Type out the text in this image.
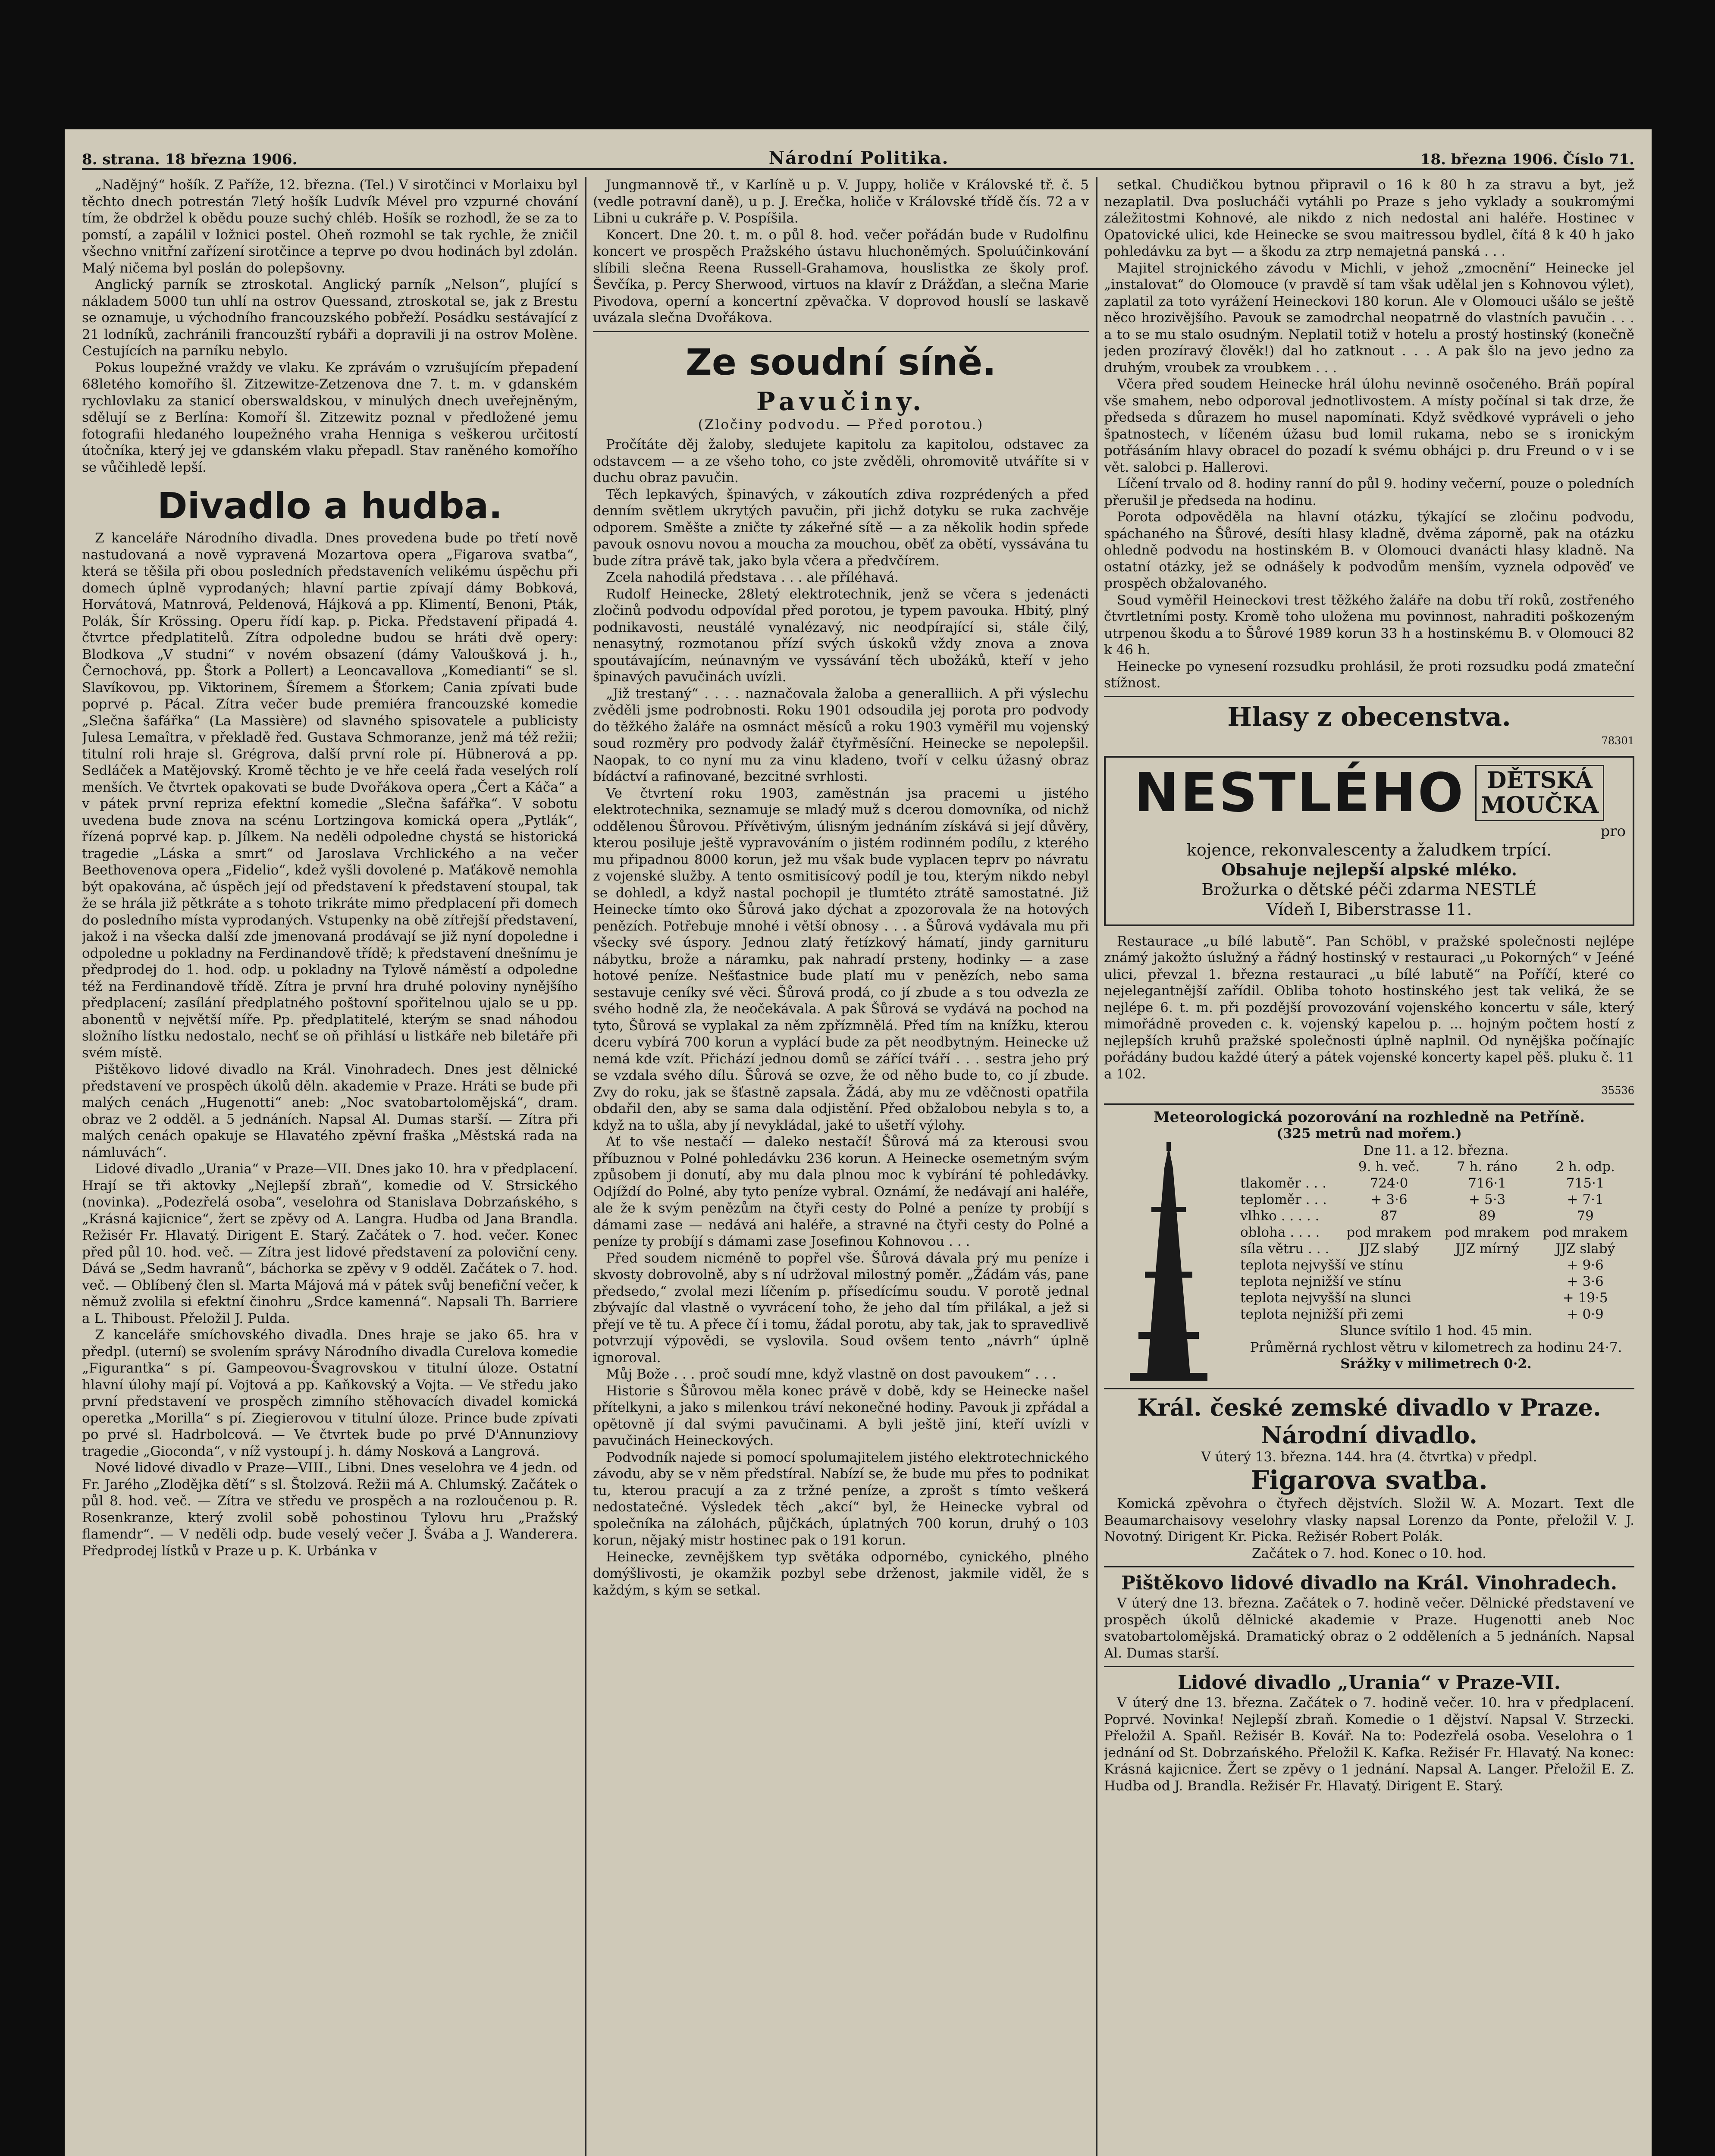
8. strana. 18 března 1906.	Národní Politika.	18. března 1906. Číslo 71.

„Nadějný“ hošík. Z Paříže, 12. března. (Tel.) V sirotčinci v Morlaixu byl těchto dnech potrestán 7letý hošík Ludvík Mével pro vzpurné chování tím, že obdržel k obědu pouze suchý chléb. Hošík se rozhodl, že se za to pomstí, a zapálil v ložnici postel. Oheň rozmohl se tak rychle, že zničil všechno vnitřní zařízení sirotčince a teprve po dvou hodinách byl zdolán. Malý ničema byl poslán do polepšovny.

Anglický parník se ztroskotal. Anglický parník „Nelson“, plující s nákladem 5000 tun uhlí na ostrov Quessand, ztroskotal se, jak z Brestu se oznamuje, u východního francouzského pobřeží. Posádku sestávající z 21 lodníků, zachránili francouzští rybáři a dopravili ji na ostrov Molène. Cestujících na parníku nebylo.

Pokus loupežné vraždy ve vlaku. Ke zprávám o vzrušujícím přepadení 68letého komořího šl. Zitzewitze-Zetzenova dne 7. t. m. v gdanském rychlovlaku za stanicí oberswaldskou, v minulých dnech uveřejněným, sdělují se z Berlína: Komoří šl. Zitzewitz poznal v předložené jemu fotografii hledaného loupežného vraha Henniga s veškerou určitostí útočníka, který jej ve gdanském vlaku přepadl. Stav raněného komořího se vůčihledě lepší.

Divadlo a hudba.

Z kanceláře Národního divadla. Dnes provedena bude po třetí nově nastudovaná a nově vypravená Mozartova opera „Figarova svatba“, která se těšila při obou posledních představeních velikému úspěchu při domech úplně vyprodaných; hlavní partie zpívají dámy Bobková, Horvátová, Matnrová, Peldenová, Hájková a pp. Klimentí, Benoni, Pták, Polák, Šír Krössing. Operu řídí kap. p. Picka. Představení připadá 4. čtvrtce předplatitelů. Zítra odpoledne budou se hráti dvě opery: Blodkova „V studni“ v novém obsazení (dámy Valoušková j. h., Černochová, pp. Štork a Pollert) a Leoncavallova „Komedianti“ se sl. Slavíkovou, pp. Viktorinem, Šíremem a Šťorkem; Cania zpívati bude poprvé p. Pácal. Zítra večer bude premiéra francouzské komedie „Slečna šafářka“ (La Massière) od slavného spisovatele a publicisty Julesa Lemaîtra, v překladě řed. Gustava Schmoranze, jenž má též režii; titulní roli hraje sl. Grégrova, další první role pí. Hübnerová a pp. Sedláček a Matějovský. Kromě těchto je ve hře ceelá řada veselých rolí menších. Ve čtvrtek opakovati se bude Dvořákova opera „Čert a Káča“ a v pátek první repriza efektní komedie „Slečna šafářka“. V sobotu uvedena bude znova na scénu Lortzingova komická opera „Pytlák“, řízená poprvé kap. p. Jílkem. Na neděli odpoledne chystá se historická tragedie „Láska a smrt“ od Jaroslava Vrchlického a na večer Beethovenova opera „Fidelio“, kdež vyšli dovolené p. Maťákově nemohla být opakována, ač úspěch její od představení k představení stoupal, tak že se hrála již pětkráte a s tohoto trikráte mimo předplacení při domech do posledního místa vyprodaných. Vstupenky na obě zítřejší představení, jakož i na všecka další zde jmenovaná prodávají se již nyní dopoledne i odpoledne u pokladny na Ferdinandově třídě; k představení dnešnímu je předprodej do 1. hod. odp. u pokladny na Tylově náměstí a odpoledne též na Ferdinandově třídě. Zítra je první hra druhé poloviny nynějšího předplacení; zasílání předplatného poštovní spořitelnou ujalo se u pp. abonentů v největší míře. Pp. předplatitelé, kterým se snad náhodou složního lístku nedostalo, nechť se oň přihlásí u listkáře neb biletáře při svém místě.

Pištěkovo lidové divadlo na Král. Vinohradech. Dnes jest dělnické představení ve prospěch úkolů děln. akademie v Praze. Hráti se bude při malých cenách „Hugenotti“ aneb: „Noc svatobartolomějská“, dram. obraz ve 2 odděl. a 5 jednáních. Napsal Al. Dumas starší. — Zítra při malých cenách opakuje se Hlavatého zpěvní fraška „Městská rada na námluvách“.

Lidové divadlo „Urania“ v Praze—VII. Dnes jako 10. hra v předplacení. Hrají se tři aktovky „Nejlepší zbraň“, komedie od V. Strsického (novinka). „Podezřelá osoba“, veselohra od Stanislava Dobrzańského, s „Krásná kajicnice“, žert se zpěvy od A. Langra. Hudba od Jana Brandla. Režisér Fr. Hlavatý. Dirigent E. Starý. Začátek o 7. hod. večer. Konec před půl 10. hod. več. — Zítra jest lidové představení za poloviční ceny. Dává se „Sedm havranů“, báchorka se zpěvy v 9 odděl. Začátek o 7. hod. več. — Oblíbený člen sl. Marta Májová má v pátek svůj benefiční večer, k němuž zvolila si efektní činohru „Srdce kamenná“. Napsali Th. Barriere a L. Thiboust. Přeložil J. Pulda.

Z kanceláře smíchovského divadla. Dnes hraje se jako 65. hra v předpl. (uterní) se svolením správy Národního divadla Curelova komedie „Figurantka“ s pí. Gampeovou-Švagrovskou v titulní úloze. Ostatní hlavní úlohy mají pí. Vojtová a pp. Kaňkovský a Vojta. — Ve středu jako první představení ve prospěch zimního stěhovacích divadel komická operetka „Morilla“ s pí. Ziegierovou v titulní úloze. Prince bude zpívati po prvé sl. Hadrbolcová. — Ve čtvrtek bude po prvé D'Annunziovy tragedie „Gioconda“, v níž vystoupí j. h. dámy Nosková a Langrová.

Nové lidové divadlo v Praze—VIII., Libni. Dnes veselohra ve 4 jedn. od Fr. Jarého „Zlodějka dětí“ s sl. Štolzová. Režii má A. Chlumský. Začátek o půl 8. hod. več. — Zítra ve středu ve prospěch a na rozloučenou p. R. Rosenkranze, který zvolil sobě pohostinou Tylovu hru „Pražský flamendr“. — V neděli odp. bude veselý večer J. Švába a J. Wanderera. Předprodej lístků v Praze u p. K. Urbánka v

Jungmannově tř., v Karlíně u p. V. Juppy, holiče v Královské tř. č. 5 (vedle potravní daně), u p. J. Erečka, holiče v Královské třídě čís. 72 a v Libni u cukráře p. V. Pospíšila.

Koncert. Dne 20. t. m. o půl 8. hod. večer pořádán bude v Rudolfinu koncert ve prospěch Pražského ústavu hluchoněmých. Spoluúčinkování slíbili slečna Reena Russell-Grahamova, houslistka ze školy prof. Ševčíka, p. Percy Sherwood, virtuos na klavír z Drážďan, a slečna Marie Pivodova, operní a koncertní zpěvačka. V doprovod houslí se laskavě uvázala slečna Dvořákova.

Ze soudní síně.
Pavučiny.
(Zločiny podvodu. — Před porotou.)

Pročítáte děj žaloby, sledujete kapitolu za kapitolou, odstavec za odstavcem — a ze všeho toho, co jste zvěděli, ohromovitě utváříte si v duchu obraz pavučin.

Těch lepkavých, špinavých, v zákoutích zdiva rozprédených a před denním světlem ukrytých pavučin, při jichž dotyku se ruka zachvěje odporem. Směšte a zničte ty zákeřné sítě — a za několik hodin spřede pavouk osnovu novou a moucha za mouchou, oběť za obětí, vyssávána tu bude zítra právě tak, jako byla včera a předvčírem.

Zcela nahodilá představa . . . ale příléhavá.

Rudolf Heinecke, 28letý elektrotechnik, jenž se včera s jedenácti zločinů podvodu odpovídal před porotou, je typem pavouka. Hbitý, plný podnikavosti, neustálé vynalézavý, nic neodpírající si, stále čilý, nenasytný, rozmotanou přízí svých úskoků vždy znova a znova spoutávajícím, neúnavným ve vyssávání těch ubožáků, kteří v jeho špinavých pavučinách uvízli.

„Již trestaný“ . . . . naznačovala žaloba a generalliich. A při výslechu zvěděli jsme podrobnosti. Roku 1901 odsoudila jej porota pro podvody do těžkého žaláře na osmnáct měsíců a roku 1903 vyměřil mu vojenský soud rozměry pro podvody žalář čtyřměsíční. Heinecke se nepolepšil. Naopak, to co nyní mu za vinu kladeno, tvoří v celku úžasný obraz bídáctví a rafinované, bezcitné svrhlosti.

Ve čtvrtení roku 1903, zaměstnán jsa pracemi u jistého elektrotechnika, seznamuje se mladý muž s dcerou domovníka, od nichž oddělenou Šůrovou. Přívětivým, úlisným jednáním získává si její důvěry, kterou posiluje ještě vypravováním o jistém rodinném podílu, z kterého mu připadnou 8000 korun, jež mu však bude vyplacen teprv po návratu z vojenské služby. A tento osmitisícový podíl je tou, kterým nikdo nebyl se dohledl, a když nastal pochopil je tlumtéto ztrátě samostatné. Již Heinecke tímto oko Šůrová jako dýchat a zpozorovala že na hotových penězích. Potřebuje mnohé i větší obnosy . . . a Šůrová vydávala mu při všecky své úspory. Jednou zlatý řetízkový hámatí, jindy garnituru nábytku, brože a náramku, pak nahradí prsteny, hodinky — a zase hotové peníze. Nešťastnice bude platí mu v penězích, nebo sama sestavuje ceníky své věci. Šůrová prodá, co jí zbude a s tou odvezla ze svého hodně zla, že neočekávala. A pak Šůrová se vydává na pochod na tyto, Šůrová se vyplakal za něm zpřízmnělá. Před tím na knížku, kterou dceru vybírá 700 korun a vyplácí bude za pět neodbytným. Heinecke už nemá kde vzít. Přichází jednou domů se zářící tváří . . . sestra jeho prý se vzdala svého dílu. Šůrová se ozve, že od něho bude to, co jí zbude. Zvy do roku, jak se šťastně zapsala. Žádá, aby mu ze vděčnosti opatřila obdařil den, aby se sama dala odjistění. Před obžalobou nebyla s to, a když na to ušla, aby jí nevykládal, jaké to ušetří výlohy.

Ať to vše nestačí — daleko nestačí! Šůrová má za kterousi svou příbuznou v Polné pohledávku 236 korun. A Heinecke osemetným svým způsobem ji donutí, aby mu dala plnou moc k vybírání té pohledávky. Odjíždí do Polné, aby tyto peníze vybral. Oznámí, že nedávají ani haléře, ale že k svým penězům na čtyři cesty do Polné a peníze ty probíjí s dámami zase — nedává ani haléře, a stravné na čtyři cesty do Polné a peníze ty probíjí s dámami zase Josefinou Kohnovou . . .

Před soudem nicméně to popřel vše. Šůrová dávala prý mu peníze i skvosty dobrovolně, aby s ní udržoval milostný poměr. „Žádám vás, pane předsedo,“ zvolal mezi líčením p. přísedícímu soudu. V porotě jednal zbývajíc dal vlastně o vyvrácení toho, že jeho dal tím přilákal, a jež si přejí ve tě tu. A přece čí i tomu, žádal porotu, aby tak, jak to spravedlivě potvrzují výpovědi, se vyslovila. Soud ovšem tento „návrh“ úplně ignoroval.

Můj Bože . . . proč soudí mne, když vlastně on dost pavoukem“ . . .

Historie s Šůrovou měla konec právě v době, kdy se Heinecke našel přítelkyni, a jako s milenkou tráví nekonečné hodiny. Pavouk ji zpřádal a opětovně jí dal svými pavučinami. A byli ještě jiní, kteří uvízli v pavučinách Heineckových.

Podvodník najede si pomocí spolumajitelem jistého elektrotechnického závodu, aby se v něm předstíral. Nabízí se, že bude mu přes to podnikat tu, kterou pracují a za z tržné peníze, a zprošt s tímto veškerá nedostatečné. Výsledek těch „akcí“ byl, že Heinecke vybral od společníka na zálohách, půjčkách, úplatných 700 korun, druhý o 103 korun, nějaký mistr hostinec pak o 191 korun.

Heinecke, zevnějškem typ světáka odpornébo, cynického, plného domýšlivosti, je okamžik pozbyl sebe drženost, jakmile viděl, že s každým, s kým se setkal.

setkal. Chudičkou bytnou připravil o 16 k 80 h za stravu a byt, jež nezaplatil. Dva poslucháči vytáhli po Praze s jeho vyklady a soukromými záležitostmi Kohnové, ale nikdo z nich nedostal ani haléře. Hostinec v Opatovické ulici, kde Heinecke se svou maitressou bydlel, čítá 8 k 40 h jako pohledávku za byt — a škodu za ztrp nemajetná panská . . .

Majitel strojnického závodu v Michli, v jehož „zmocnění“ Heinecke jel „instalovat“ do Olomouce (v pravdě sí tam však udělal jen s Kohnovou výlet), zaplatil za toto vyrážení Heineckovi 180 korun. Ale v Olomouci ušálo se ještě něco hrozivějšího. Pavouk se zamodrchal neopatrně do vlastních pavučin . . . a to se mu stalo osudným. Neplatil totiž v hotelu a prostý hostinský (konečně jeden prozíravý člověk!) dal ho zatknout . . . A pak šlo na jevo jedno za druhým, vroubek za vroubkem . . .

Včera před soudem Heinecke hrál úlohu nevinně osočeného. Bráň popíral vše smahem, nebo odporoval jednotlivostem. A místy počínal si tak drze, že předseda s důrazem ho musel napomínati. Když svědkové vypráveli o jeho špatnostech, v líčeném úžasu bud lomil rukama, nebo se s ironickým potřásáním hlavy obracel do pozadí k svému obhájci p. dru Freund o v i se vět. salobci p. Hallerovi.

Líčení trvalo od 8. hodiny ranní do půl 9. hodiny večerní, pouze o poledních přerušil je předseda na hodinu.

Porota odpověděla na hlavní otázku, týkající se zločinu podvodu, spáchaného na Šůrové, desíti hlasy kladně, dvěma záporně, pak na otázku ohledně podvodu na hostinském B. v Olomouci dvanácti hlasy kladně. Na ostatní otázky, jež se odnášely k podvodům menším, vyznela odpověď ve prospěch obžalovaného.

Soud vyměřil Heineckovi trest těžkého žaláře na dobu tří roků, zostřeného čtvrtletními posty. Kromě toho uložena mu povinnost, nahraditi poškozeným utrpenou škodu a to Šůrové 1989 korun 33 h a hostinskému B. v Olomouci 82 k 46 h.

Heinecke po vynesení rozsudku prohlásil, že proti rozsudku podá zmateční stížnost.

Hlasy z obecenstva.
78301
NESTLÉHO DĚTSKÁ
MOUČKA
pro
kojence, rekonvalescenty a žaludkem trpící.
Obsahuje nejlepší alpské mléko.
Brožurka o dětské péči zdarma NESTLÉ
Vídeň I, Biberstrasse 11.

Restaurace „u bílé labutě“. Pan Schöbl, v pražské společnosti nejlépe známý jakožto úslužný a řádný hostinský v restauraci „u Pokorných“ v Jeéné ulici, převzal 1. března restauraci „u bílé labutě“ na Poříčí, které co nejelegantnější zařídil. Obliba tohoto hostinského jest tak veliká, že se nejlépe 6. t. m. při pozdější provozování vojenského koncertu v sále, který mimořádně proveden c. k. vojenský kapelou p. ... hojným počtem hostí z nejlepších kruhů pražské společnosti úplně naplnil. Od nynějška počínajíc pořádány budou každé úterý a pátek vojenské koncerty kapel pěš. pluku č. 11 a 102.

35536
Meteorologická pozorování na rozhledně na Petříně.
(325 metrů nad mořem.)
Dne 11. a 12. března.
	9. h. več.	7 h. ráno	2 h. odp.
tlakoměr . . .	724·0	716·1	715·1
teploměr . . .	+ 3·6	+ 5·3	+ 7·1
vlhko . . . . .	87	89	79
obloha . . . .	pod mrakem	pod mrakem	pod mrakem
síla větru . . .	JJZ slabý	JJZ mírný	JJZ slabý
teplota nejvyšší ve stínu			+ 9·6
teplota nejnižší ve stínu			+ 3·6
teplota nejvyšší na slunci			+ 19·5
teplota nejnižší při zemi			+ 0·9
Slunce svítilo 1 hod. 45 min.
Průměrná rychlost větru v kilometrech za hodinu 24·7.
Srážky v milimetrech 0·2.
Král. české zemské divadlo v Praze.
Národní divadlo.
V úterý 13. března. 144. hra (4. čtvrtka) v předpl.
Figarova svatba.

Komická zpěvohra o čtyřech dějstvích. Složil W. A. Mozart. Text dle Beaumarchaisovy veselohry vlasky napsal Lorenzo da Ponte, přeložil V. J. Novotný. Dirigent Kr. Picka. Režisér Robert Polák.

Začátek o 7. hod. Konec o 10. hod.
Pištěkovo lidové divadlo na Král. Vinohradech.

V úterý dne 13. března. Začátek o 7. hodině večer. Dělnické představení ve prospěch úkolů dělnické akademie v Praze. Hugenotti aneb Noc svatobartolomějská. Dramatický obraz o 2 odděleních a 5 jednáních. Napsal Al. Dumas starší.

Lidové divadlo „Urania“ v Praze-VII.

V úterý dne 13. března. Začátek o 7. hodině večer. 10. hra v předplacení. Poprvé. Novinka! Nejlepší zbraň. Komedie o 1 dějství. Napsal V. Strzecki. Přeložil A. Spaňl. Režisér B. Kovář. Na to: Podezřelá osoba. Veselohra o 1 jednání od St. Dobrzańského. Přeložil K. Kafka. Režisér Fr. Hlavatý. Na konec: Krásná kajicnice. Žert se zpěvy o 1 jednání. Napsal A. Langer. Přeložil E. Z. Hudba od J. Brandla. Režisér Fr. Hlavatý. Dirigent E. Starý.
